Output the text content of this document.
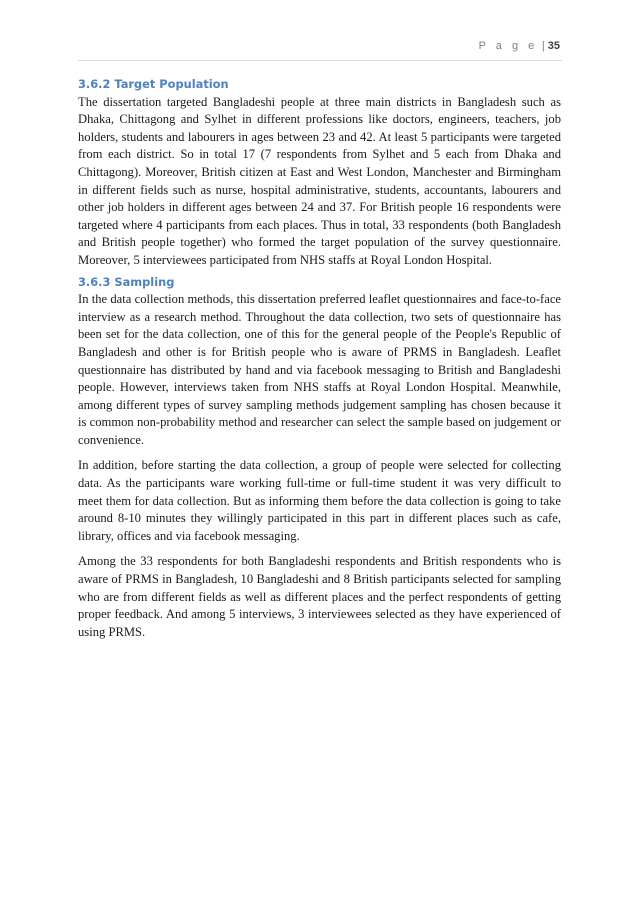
P a g e | 35
3.6.2 Target Population

The dissertation targeted Bangladeshi people at three main districts in Bangladesh such as Dhaka, Chittagong and Sylhet in different professions like doctors, engineers, teachers, job holders, students and labourers in ages between 23 and 42. At least 5 participants were targeted from each district. So in total 17 (7 respondents from Sylhet and 5 each from Dhaka and Chittagong). Moreover, British citizen at East and West London, Manchester and Birmingham in different fields such as nurse, hospital administrative, students, accountants, labourers and other job holders in different ages between 24 and 37. For British people 16 respondents were targeted where 4 participants from each places. Thus in total, 33 respondents (both Bangladesh and British people together) who formed the target population of the survey questionnaire. Moreover, 5 interviewees participated from NHS staffs at Royal London Hospital.

3.6.3 Sampling

In the data collection methods, this dissertation preferred leaflet questionnaires and face-to-face interview as a research method. Throughout the data collection, two sets of questionnaire has been set for the data collection, one of this for the general people of the People's Republic of Bangladesh and other is for British people who is aware of PRMS in Bangladesh. Leaflet questionnaire has distributed by hand and via facebook messaging to British and Bangladeshi people. However, interviews taken from NHS staffs at Royal London Hospital. Meanwhile, among different types of survey sampling methods judgement sampling has chosen because it is common non-probability method and researcher can select the sample based on judgement or convenience.

In addition, before starting the data collection, a group of people were selected for collecting data. As the participants ware working full-time or full-time student it was very difficult to meet them for data collection. But as informing them before the data collection is going to take around 8-10 minutes they willingly participated in this part in different places such as cafe, library, offices and via facebook messaging.

Among the 33 respondents for both Bangladeshi respondents and British respondents who is aware of PRMS in Bangladesh, 10 Bangladeshi and 8 British participants selected for sampling who are from different fields as well as different places and the perfect respondents of getting proper feedback. And among 5 interviews, 3 interviewees selected as they have experienced of using PRMS.
